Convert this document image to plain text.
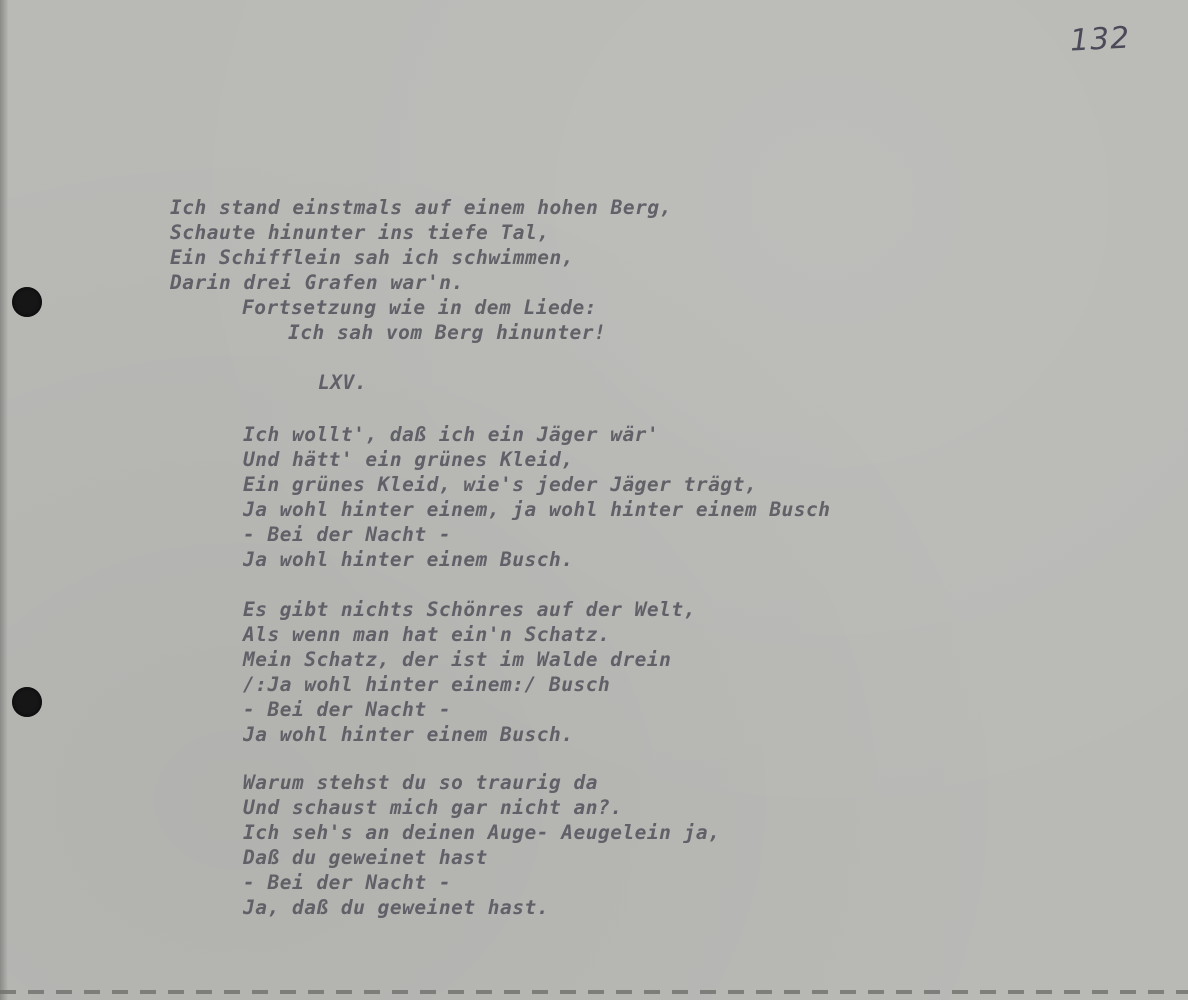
132
Ich stand einstmals auf einem hohen Berg,
Schaute hinunter ins tiefe Tal,
Ein Schifflein sah ich schwimmen,
Darin drei Grafen war'n.
Fortsetzung wie in dem Liede:
Ich sah vom Berg hinunter!
LXV.
Ich wollt', daß ich ein Jäger wär'
Und hätt' ein grünes Kleid,
Ein grünes Kleid, wie's jeder Jäger trägt,
Ja wohl hinter einem, ja wohl hinter einem Busch
- Bei der Nacht -
Ja wohl hinter einem Busch.
Es gibt nichts Schönres auf der Welt,
Als wenn man hat ein'n Schatz.
Mein Schatz, der ist im Walde drein
/:Ja wohl hinter einem:/ Busch
- Bei der Nacht -
Ja wohl hinter einem Busch.
Warum stehst du so traurig da
Und schaust mich gar nicht an?.
Ich seh's an deinen Auge- Aeugelein ja,
Daß du geweinet hast
- Bei der Nacht -
Ja, daß du geweinet hast.
